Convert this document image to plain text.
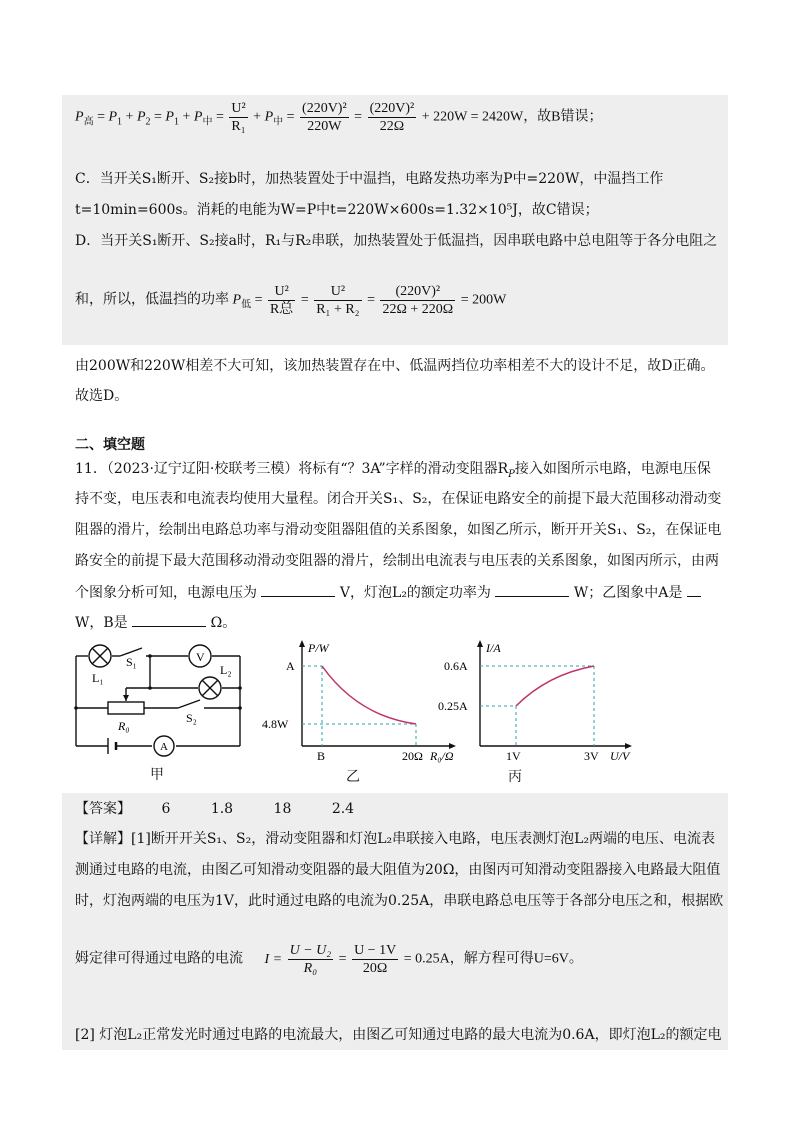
$P_高 = P_1 + P_2 = P_1 + P_中 = \frac{\text{U²}}{\text{R₁}} + P_中 = \frac{\text{(220V)²}}{220W} = \frac{\text{(220V)²}}{22\Omega} + 220W = 2420W$，故B错误；
C．当开关S₁断开、S₂接b时，加热装置处于中温挡，电路发热功率为P中=220W，中温挡工作
t=10min=600s。消耗的电能为W=P中t=220W×600s=1.32×10⁵J，故C错误；
D．当开关S₁断开、S₂接a时，R₁与R₂串联，加热装置处于低温挡，因串联电路中总电阻等于各分电阻之
和，所以，低温挡的功率 $P_低 = \frac{\text{U²}}{\text{R总}} = \frac{\text{U²}}{\text{R₁ + R₂}} = \frac{\text{(220V)²}}{22\Omega + 220\Omega} = 200W$
由200W和220W相差不大可知，该加热装置存在中、低温两挡位功率相差不大的设计不足，故D正确。
故选D。
二、填空题
11．（2023·辽宁辽阳·校联考三模）将标有“？3A”字样的滑动变阻器$R_P$接入如图所示电路，电源电压保
持不变，电压表和电流表均使用大量程。闭合开关S₁、S₂，在保证电路安全的前提下最大范围移动滑动变
阻器的滑片，绘制出电路总功率与滑动变阻器阻值的关系图象，如图乙所示，断开开关S₁、S₂，在保证电
路安全的前提下最大范围移动滑动变阻器的滑片，绘制出电流表与电压表的关系图象，如图丙所示，由两
个图象分析可知，电源电压为	V，灯泡L₂的额定功率为	W；乙图象中A是
W，B是	Ω。
V
A
L₁
S₁
L₂
S₂
R₀
甲
P/W
A
4.8W
B	20Ω R₀/Ω
乙
I/A
0.6A
0.25A
1V	3V U/V
丙
【答案】 6	1.8	18	2.4
【详解】[1]断开开关S₁、S₂，滑动变阻器和灯泡L₂串联接入电路，电压表测灯泡L₂两端的电压、电流表
测通过电路的电流，由图乙可知滑动变阻器的最大阻值为20Ω，由图丙可知滑动变阻器接入电路最大阻值
时，灯泡两端的电压为1V，此时通过电路的电流为0.25A，串联电路总电压等于各部分电压之和，根据欧
姆定律可得通过电路的电流 $I = \frac{\text{U − U₂}}{\text{R₀}} = \frac{U - 1V}{20\Omega} = 0.25A$，解方程可得U=6V。
[2] 灯泡L₂正常发光时通过电路的电流最大，由图乙可知通过电路的最大电流为0.6A，即灯泡L₂的额定电
